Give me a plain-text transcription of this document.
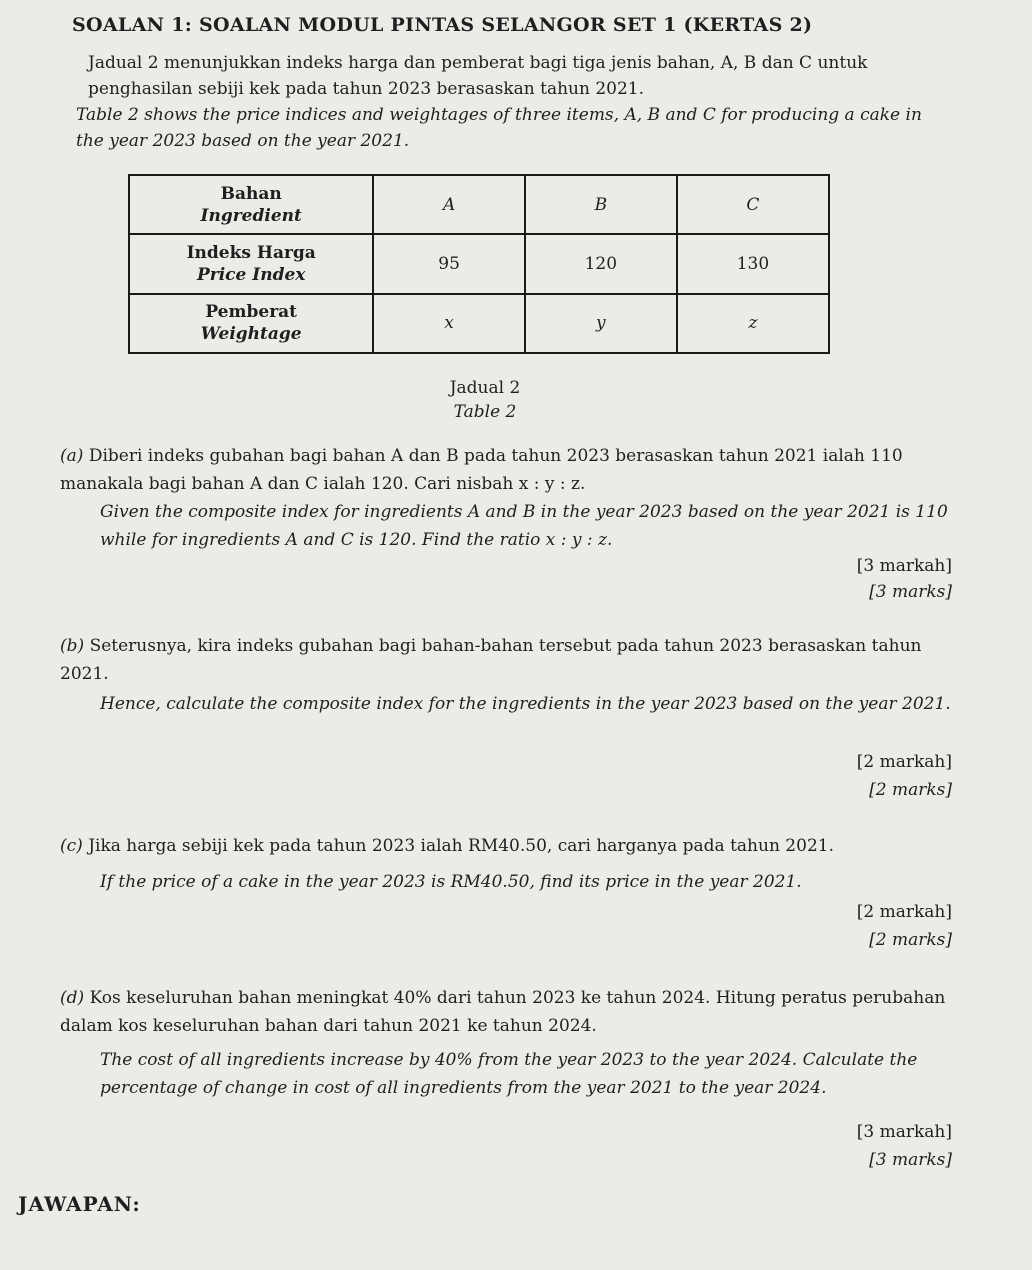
SOALAN 1: SOALAN MODUL PINTAS SELANGOR SET 1 (KERTAS 2)

Jadual 2 menunjukkan indeks harga dan pemberat bagi tiga jenis bahan, A, B dan C untuk penghasilan sebiji kek pada tahun 2023 berasaskan tahun 2021.

Table 2 shows the price indices and weightages of three items, A, B and C for producing a cake in the year 2023 based on the year 2021.

Bahan
Ingredient	A	B	C

Indeks Harga
Price Index	95	120	130

Pemberat
Weightage	x	y	z

Jadual 2

Table 2

(a) Diberi indeks gubahan bagi bahan A dan B pada tahun 2023 berasaskan tahun 2021 ialah 110 manakala bagi bahan A dan C ialah 120. Cari nisbah x : y : z.

Given the composite index for ingredients A and B in the year 2023 based on the year 2021 is 110 while for ingredients A and C is 120. Find the ratio x : y : z.

[3 markah]

[3 marks]

(b) Seterusnya, kira indeks gubahan bagi bahan-bahan tersebut pada tahun 2023 berasaskan tahun 2021.

Hence, calculate the composite index for the ingredients in the year 2023 based on the year 2021.

[2 markah]

[2 marks]

(c) Jika harga sebiji kek pada tahun 2023 ialah RM40.50, cari harganya pada tahun 2021.

If the price of a cake in the year 2023 is RM40.50, find its price in the year 2021.

[2 markah]

[2 marks]

(d) Kos keseluruhan bahan meningkat 40% dari tahun 2023 ke tahun 2024. Hitung peratus perubahan dalam kos keseluruhan bahan dari tahun 2021 ke tahun 2024.

The cost of all ingredients increase by 40% from the year 2023 to the year 2024. Calculate the percentage of change in cost of all ingredients from the year 2021 to the year 2024.

[3 markah]

[3 marks]

JAWAPAN:
